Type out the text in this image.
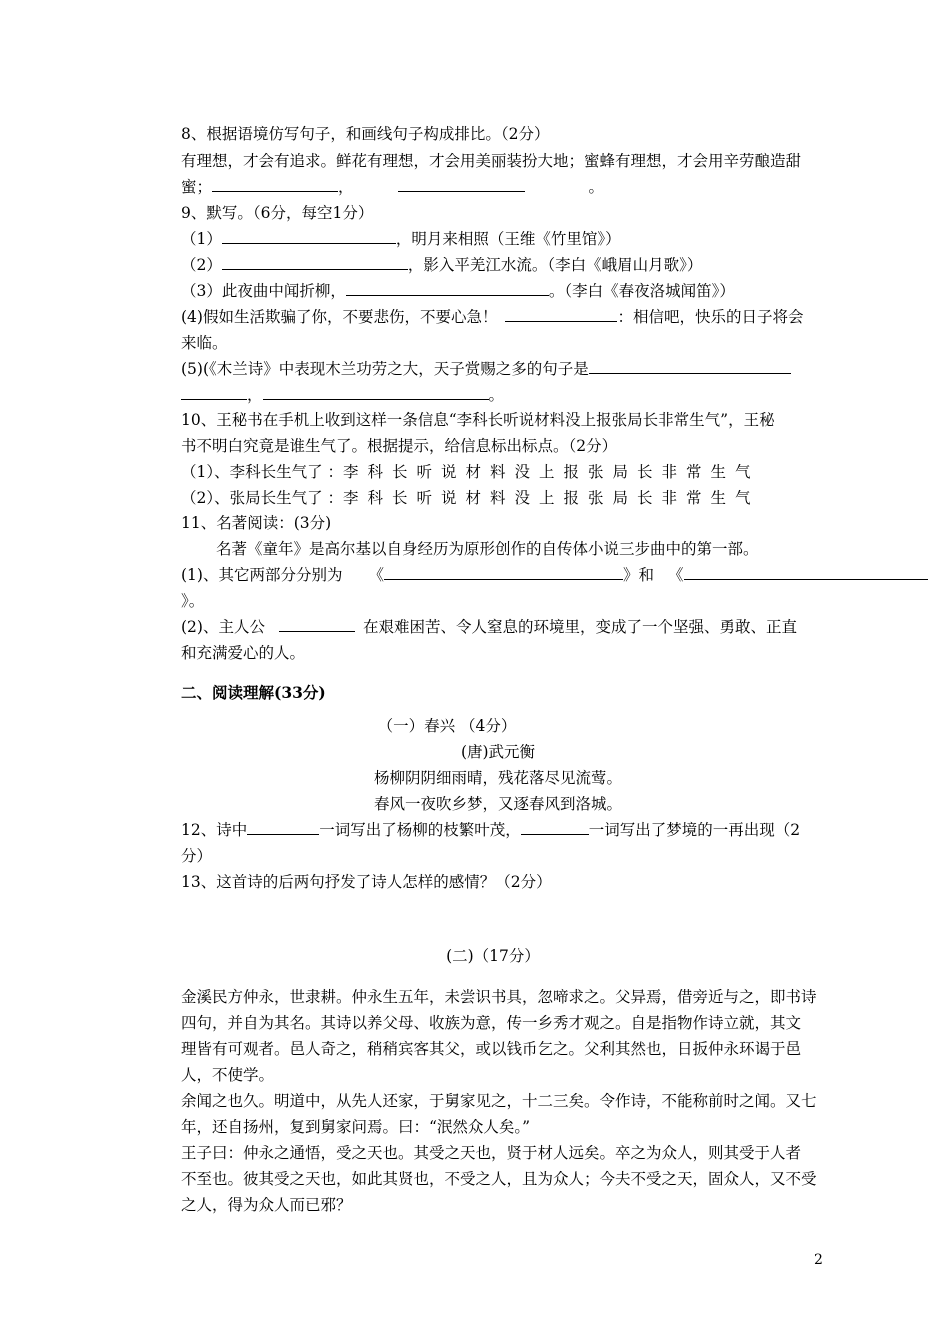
8、根据语境仿写句子，和画线句子构成排比。（2分）
有理想，才会有追求。鲜花有理想，才会用美丽装扮大地；蜜蜂有理想，才会用辛劳酿造甜
蜜；	，	。
9、默写。（6分，每空1分）
（1）	，明月来相照（王维《竹里馆》）
（2）	，影入平羌江水流。（李白《峨眉山月歌》）
（3）此夜曲中闻折柳，	。（李白《春夜洛城闻笛》）
(4)假如生活欺骗了你，不要悲伤，不要心急！	：相信吧，快乐的日子将会
来临。
(5)(《木兰诗》中表现木兰功劳之大，天子赏赐之多的句子是
，	。
10、王秘书在手机上收到这样一条信息“李科长听说材料没上报张局长非常生气”，王秘
书不明白究竟是谁生气了。根据提示，给信息标出标点。（2分）
（1）、李科长生气了 ：李科长听说材料没上报张局长非常生气
（2）、张局长生气了 ：李科长听说材料没上报张局长非常生气
11、名著阅读：(3分)
名著《童年》是高尔基以自身经历为原形创作的自传体小说三步曲中的第一部。
(1)、其它两部分分别为 《	》和 《
》。
(2)、主人公	在艰难困苦、令人窒息的环境里，变成了一个坚强、勇敢、正直
和充满爱心的人。
二、阅读理解(33分)
（一）春兴 （4分）
(唐)武元衡
杨柳阴阴细雨晴，残花落尽见流莺。
春风一夜吹乡梦，又逐春风到洛城。
12、诗中	一词写出了杨柳的枝繁叶茂，	一词写出了梦境的一再出现（2
分）
13、这首诗的后两句抒发了诗人怎样的感情？（2分）
(二)（17分）
金溪民方仲永，世隶耕。仲永生五年，未尝识书具，忽啼求之。父异焉，借旁近与之，即书诗
四句，并自为其名。其诗以养父母、收族为意，传一乡秀才观之。自是指物作诗立就，其文
理皆有可观者。邑人奇之，稍稍宾客其父，或以钱币乞之。父利其然也，日扳仲永环谒于邑
人，不使学。
余闻之也久。明道中，从先人还家，于舅家见之，十二三矣。令作诗，不能称前时之闻。又七
年，还自扬州，复到舅家问焉。曰：“泯然众人矣。”
王子曰：仲永之通悟，受之天也。其受之天也，贤于材人远矣。卒之为众人，则其受于人者
不至也。彼其受之天也，如此其贤也，不受之人，且为众人；今夫不受之天，固众人，又不受
之人，得为众人而已邪？
2
